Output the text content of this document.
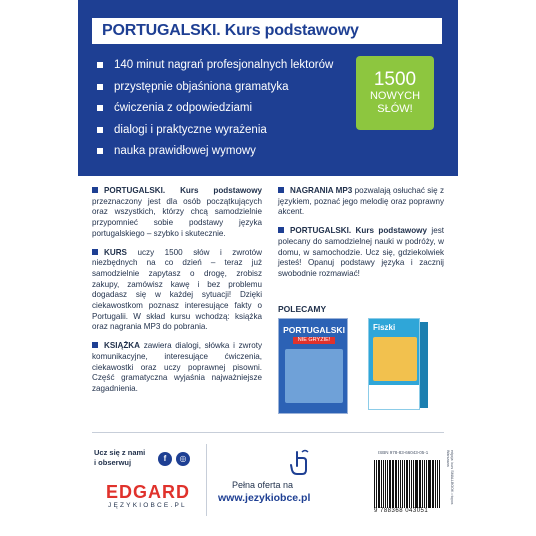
PORTUGALSKI. Kurs podstawowy
140 minut nagrań profesjonalnych lektorów
przystępnie objaśniona gramatyka
ćwiczenia z odpowiedziami
dialogi i praktyczne wyrażenia
nauka prawidłowej wymowy
1500
NOWYCH
SŁÓW!

PORTUGALSKI. Kurs podstawowy przeznaczony jest dla osób początkujących oraz wszystkich, którzy chcą samodzielnie przypomnieć sobie podstawy języka portugalskiego – szybko i skutecznie.

KURS uczy 1500 słów i zwrotów niezbędnych na co dzień – teraz już samodzielnie zapytasz o drogę, zrobisz zakupy, zamówisz kawę i bez problemu dogadasz się w każdej sytuacji! Dzięki ciekawostkom poznasz interesujące fakty o Portugalii. W skład kursu wchodzą: książka oraz nagrania MP3 do pobrania.

KSIĄŻKA zawiera dialogi, słówka i zwroty komunikacyjne, interesujące ćwiczenia, ciekawostki oraz uczy poprawnej pisowni. Część gramatyczna wyjaśnia najważniejsze zagadnienia.

NAGRANIA MP3 pozwalają osłuchać się z językiem, poznać jego melodię oraz poprawny akcent.

PORTUGALSKI. Kurs podstawowy jest polecany do samodzielnej nauki w podróży, w domu, w samochodzie. Ucz się, gdziekolwiek jesteś! Opanuj podstawy języka i zacznij swobodnie rozmawiać!

POLECAMY
PORTUGALSKI
NIE GRYZIE!
Fiszki
Ucz się z nami
i obserwuj	f	◎
EDGARD
JĘZYKIOBCE.PL
Pełna oferta na
www.jezykiobce.pl
ISBN 978-83-66043-05-1
9 788368 043051
edycja: kurs SMALLBOOK • topos Warszawa
